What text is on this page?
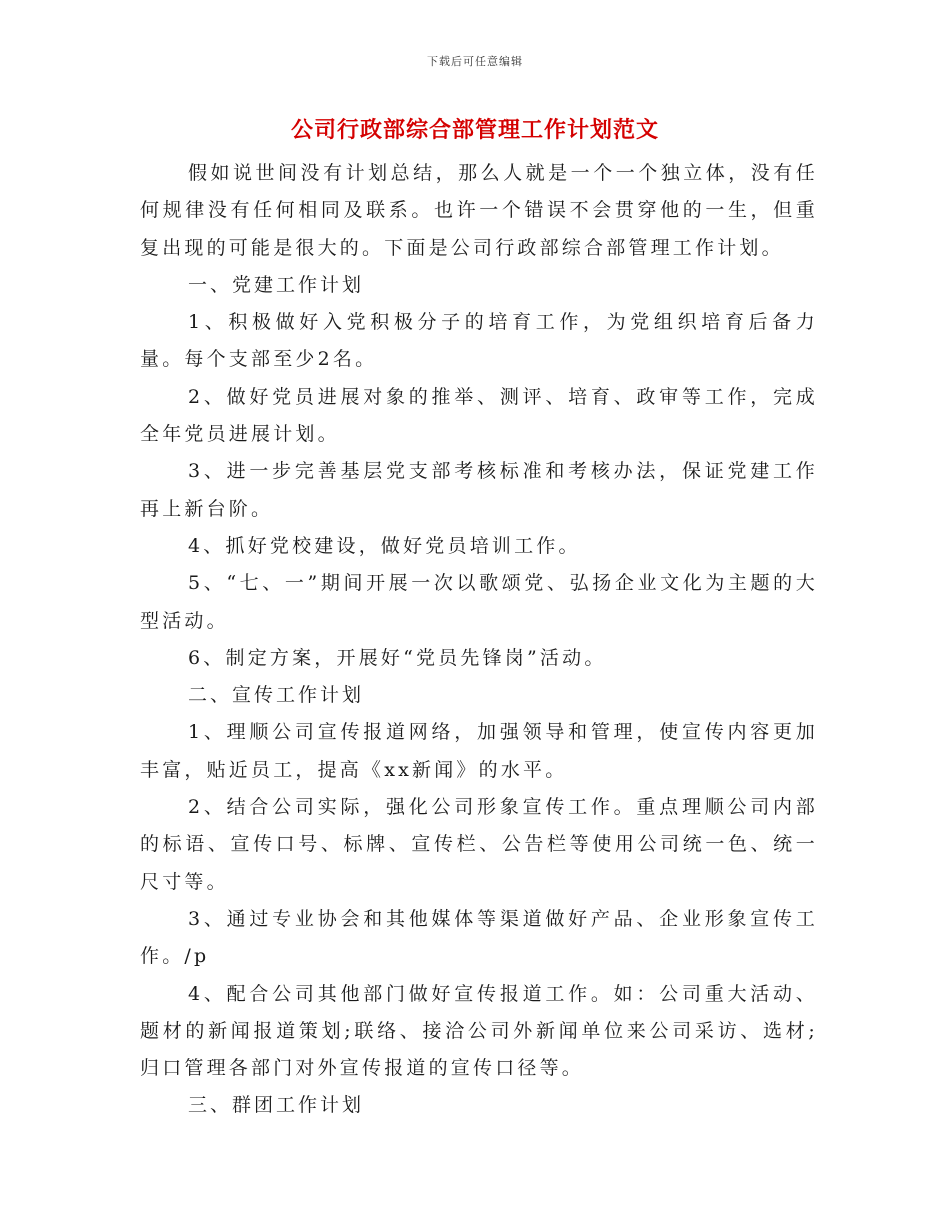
下载后可任意编辑
公司行政部综合部管理工作计划范文

假如说世间没有计划总结，那么人就是一个一个独立体，没有任何规律没有任何相同及联系。也许一个错误不会贯穿他的一生，但重复出现的可能是很大的。下面是公司行政部综合部管理工作计划。

一、党建工作计划

1、积极做好入党积极分子的培育工作，为党组织培育后备力量。每个支部至少2名。

2、做好党员进展对象的推举、测评、培育、政审等工作，完成全年党员进展计划。

3、进一步完善基层党支部考核标准和考核办法，保证党建工作再上新台阶。

4、抓好党校建设，做好党员培训工作。

5、“七、一”期间开展一次以歌颂党、弘扬企业文化为主题的大型活动。

6、制定方案，开展好“党员先锋岗”活动。

二、宣传工作计划

1、理顺公司宣传报道网络，加强领导和管理，使宣传内容更加丰富，贴近员工，提高《xx新闻》的水平。

2、结合公司实际，强化公司形象宣传工作。重点理顺公司内部的标语、宣传口号、标牌、宣传栏、公告栏等使用公司统一色、统一尺寸等。

3、通过专业协会和其他媒体等渠道做好产品、企业形象宣传工作。/p

4、配合公司其他部门做好宣传报道工作。如：公司重大活动、题材的新闻报道策划;联络、接洽公司外新闻单位来公司采访、选材;归口管理各部门对外宣传报道的宣传口径等。

三、群团工作计划
